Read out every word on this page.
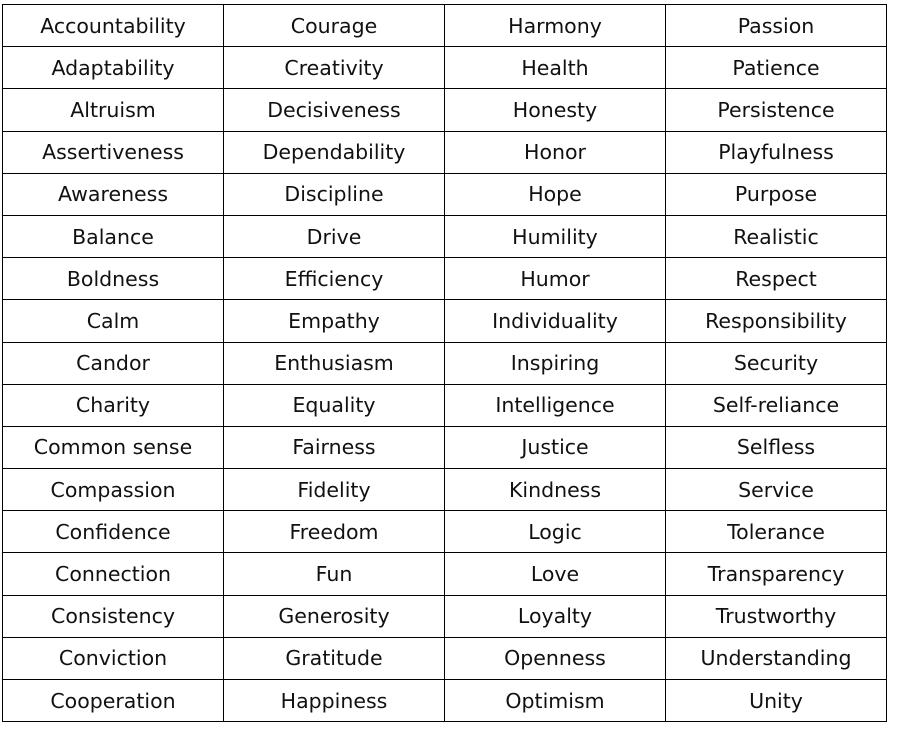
Accountability	Courage	Harmony	Passion
Adaptability	Creativity	Health	Patience
Altruism	Decisiveness	Honesty	Persistence
Assertiveness	Dependability	Honor	Playfulness
Awareness	Discipline	Hope	Purpose
Balance	Drive	Humility	Realistic
Boldness	Efficiency	Humor	Respect
Calm	Empathy	Individuality	Responsibility
Candor	Enthusiasm	Inspiring	Security
Charity	Equality	Intelligence	Self-reliance
Common sense	Fairness	Justice	Selfless
Compassion	Fidelity	Kindness	Service
Confidence	Freedom	Logic	Tolerance
Connection	Fun	Love	Transparency
Consistency	Generosity	Loyalty	Trustworthy
Conviction	Gratitude	Openness	Understanding
Cooperation	Happiness	Optimism	Unity
